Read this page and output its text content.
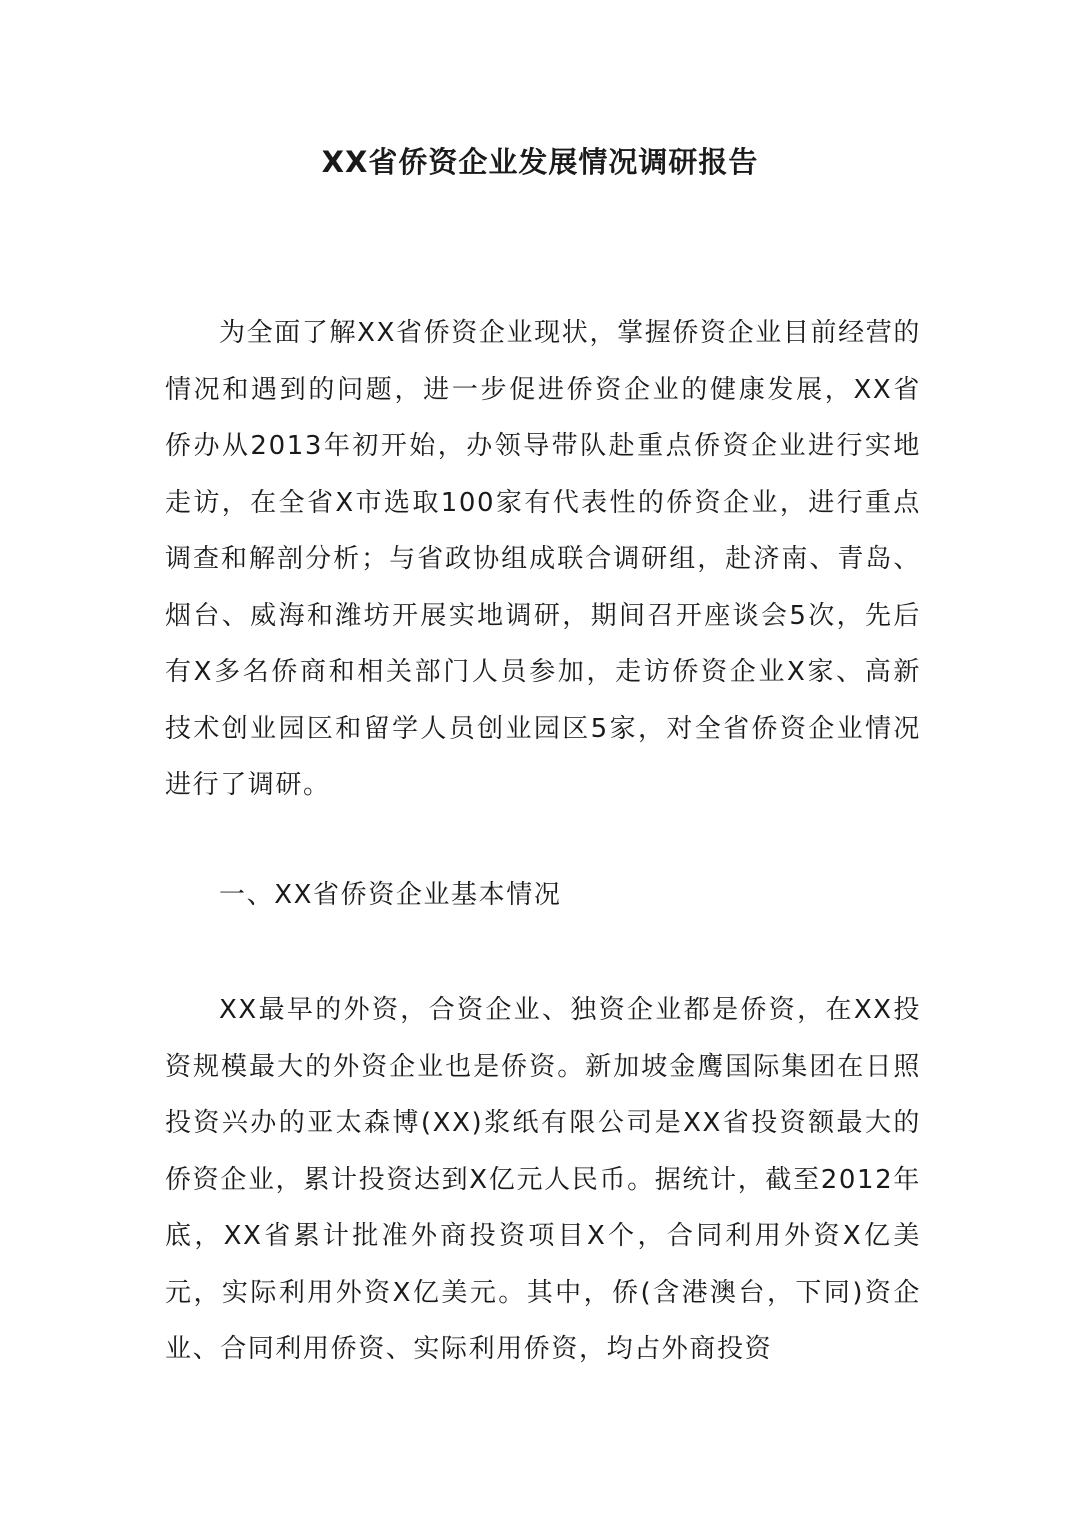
XX省侨资企业发展情况调研报告

为全面了解XX省侨资企业现状，掌握侨资企业目前经营的情况和遇到的问题，进一步促进侨资企业的健康发展，XX省侨办从2013年初开始，办领导带队赴重点侨资企业进行实地走访，在全省X市选取100家有代表性的侨资企业，进行重点调查和解剖分析；与省政协组成联合调研组，赴济南、青岛、烟台、威海和潍坊开展实地调研，期间召开座谈会5次，先后有X多名侨商和相关部门人员参加，走访侨资企业X家、高新技术创业园区和留学人员创业园区5家，对全省侨资企业情况进行了调研。

一、XX省侨资企业基本情况

XX最早的外资，合资企业、独资企业都是侨资，在XX投资规模最大的外资企业也是侨资。新加坡金鹰国际集团在日照投资兴办的亚太森博(XX)浆纸有限公司是XX省投资额最大的侨资企业，累计投资达到X亿元人民币。据统计，截至2012年底，XX省累计批准外商投资项目X个，合同利用外资X亿美元，实际利用外资X亿美元。其中，侨(含港澳台，下同)资企业、合同利用侨资、实际利用侨资，均占外商投资
